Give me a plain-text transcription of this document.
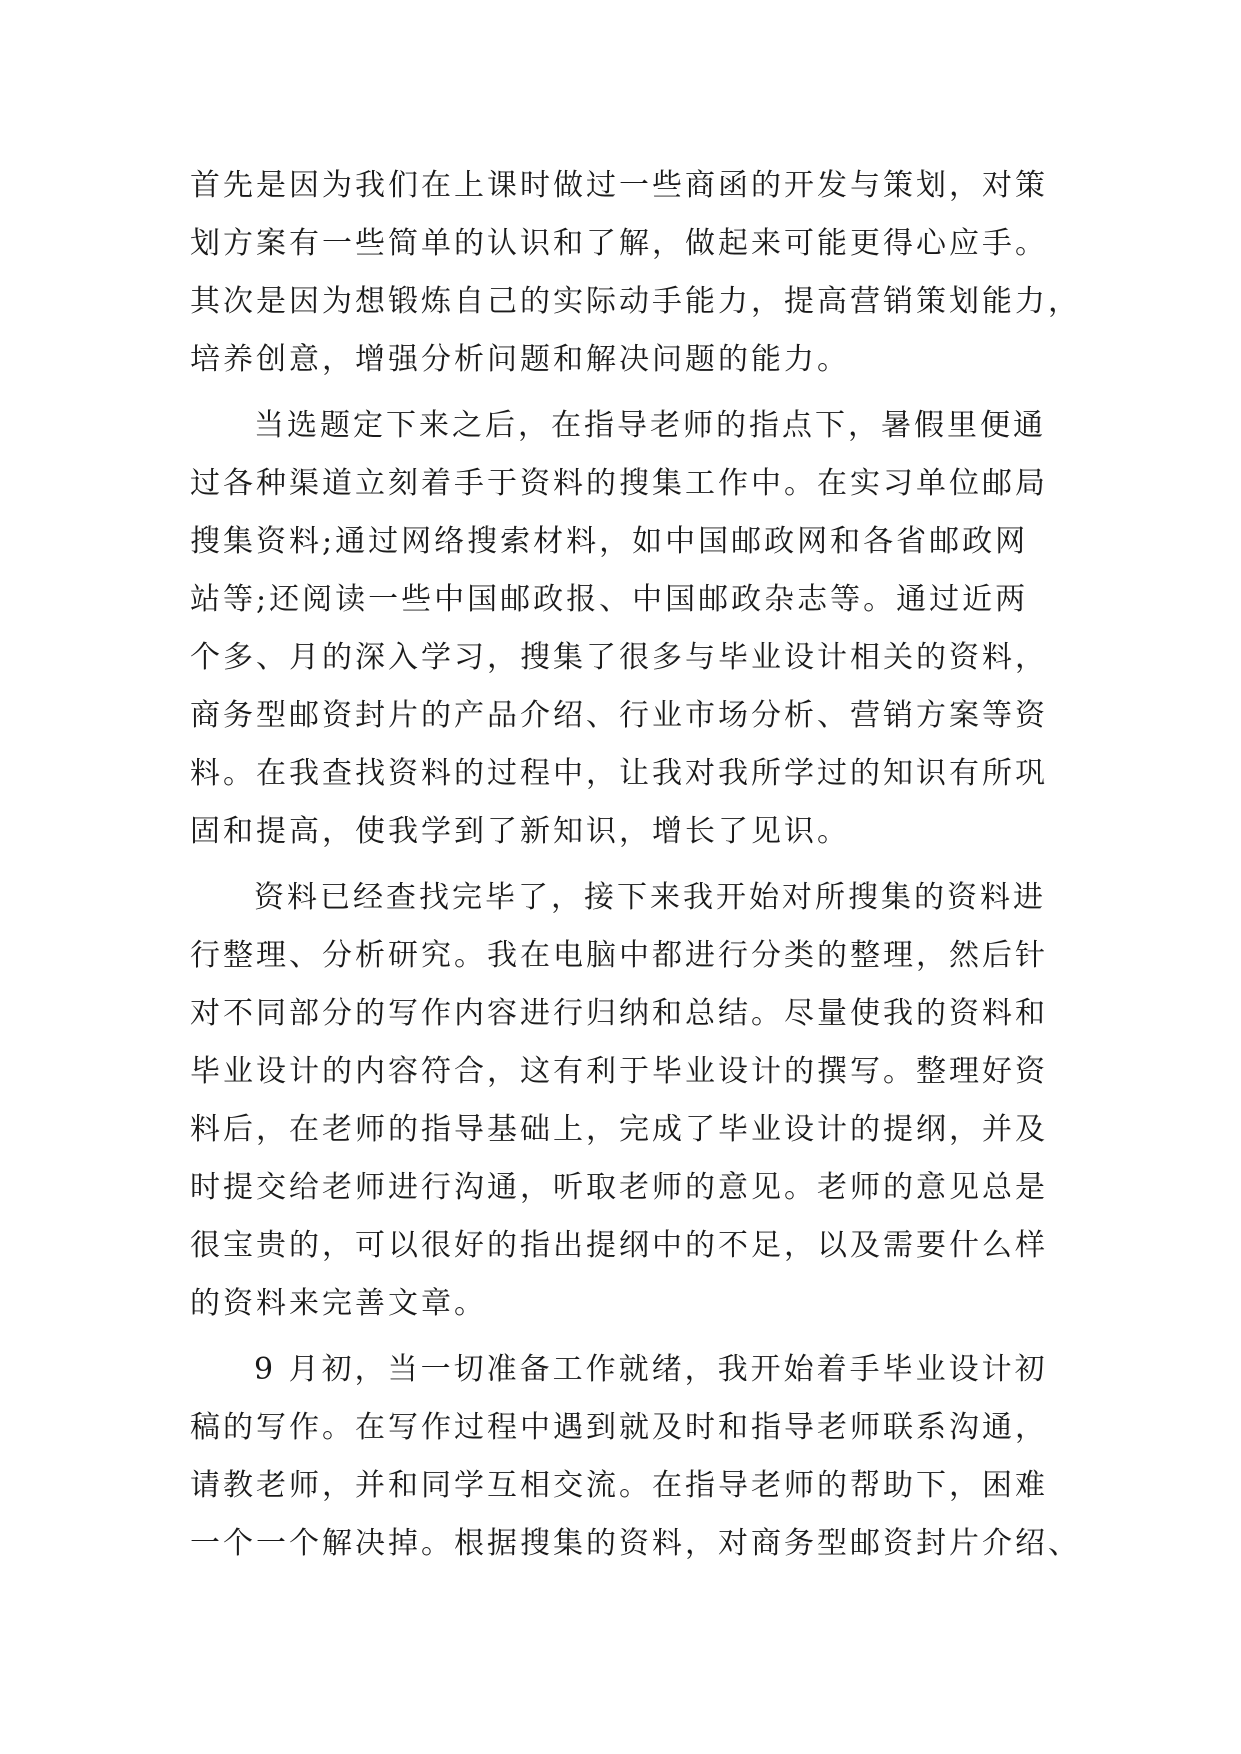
首先是因为我们在上课时做过一些商函的开发与策划，对策
划方案有一些简单的认识和了解，做起来可能更得心应手。
其次是因为想锻炼自己的实际动手能力，提高营销策划能力，
培养创意，增强分析问题和解决问题的能力。
当选题定下来之后，在指导老师的指点下，暑假里便通
过各种渠道立刻着手于资料的搜集工作中。在实习单位邮局
搜集资料;通过网络搜索材料，如中国邮政网和各省邮政网
站等;还阅读一些中国邮政报、中国邮政杂志等。通过近两
个多、月的深入学习，搜集了很多与毕业设计相关的资料，
商务型邮资封片的产品介绍、行业市场分析、营销方案等资
料。在我查找资料的过程中，让我对我所学过的知识有所巩
固和提高，使我学到了新知识，增长了见识。
资料已经查找完毕了，接下来我开始对所搜集的资料进
行整理、分析研究。我在电脑中都进行分类的整理，然后针
对不同部分的写作内容进行归纳和总结。尽量使我的资料和
毕业设计的内容符合，这有利于毕业设计的撰写。整理好资
料后，在老师的指导基础上，完成了毕业设计的提纲，并及
时提交给老师进行沟通，听取老师的意见。老师的意见总是
很宝贵的，可以很好的指出提纲中的不足，以及需要什么样
的资料来完善文章。
9 月初，当一切准备工作就绪，我开始着手毕业设计初
稿的写作。在写作过程中遇到就及时和指导老师联系沟通，
请教老师，并和同学互相交流。在指导老师的帮助下，困难
一个一个解决掉。根据搜集的资料，对商务型邮资封片介绍、
